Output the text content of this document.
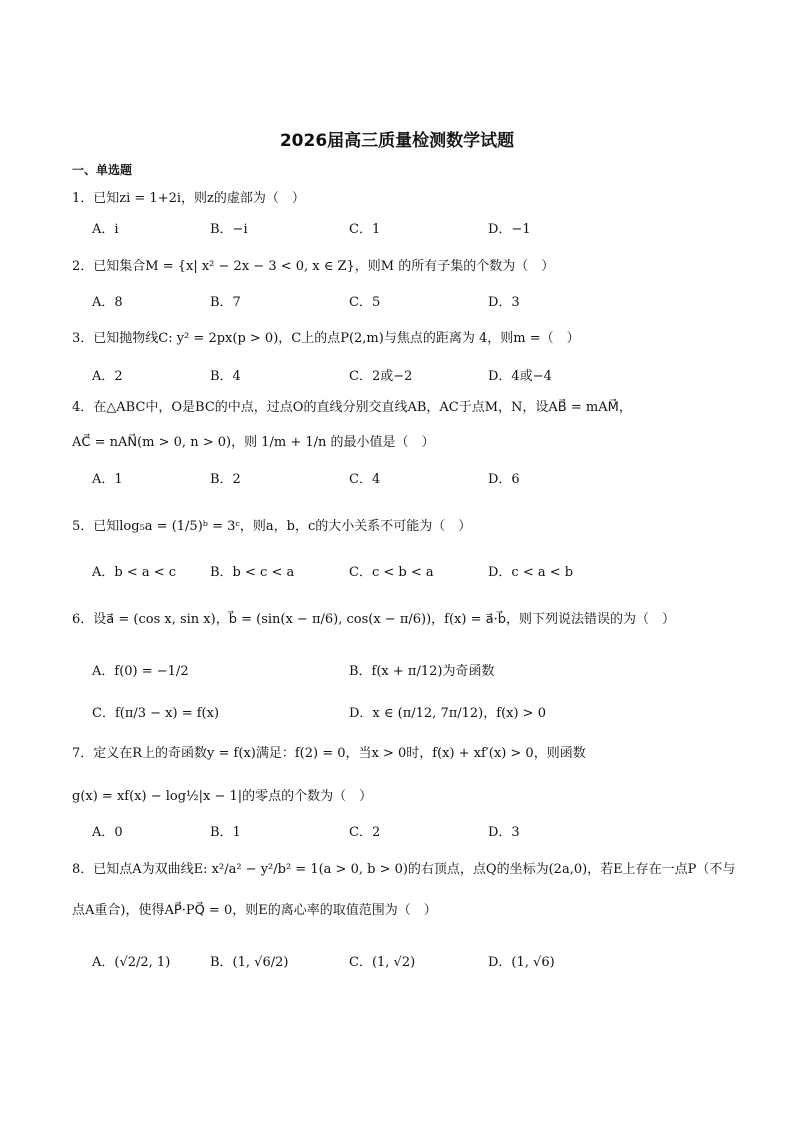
2026届高三质量检测数学试题
一、单选题
1．已知zi = 1+2i，则z的虚部为（　）
A．i	B．−i	C．1	D．−1
2．已知集合M = {x| x² − 2x − 3 < 0, x ∈ Z}，则M 的所有子集的个数为（　）
A．8	B．7	C．5	D．3
3．已知抛物线C: y² = 2px(p > 0)，C上的点P(2,m)与焦点的距离为 4，则m =（　）
A．2	B．4	C．2或−2	D．4或−4
4．在△ABC中，O是BC的中点，过点O的直线分别交直线AB，AC于点M，N，设AB⃗ = mAM⃗，
AC⃗ = nAN⃗(m > 0, n > 0)，则 1/m + 1/n 的最小值是（　）
A．1	B．2	C．4	D．6
5．已知log₅a = (1/5)ᵇ = 3ᶜ，则a，b，c的大小关系不可能为（　）
A．b < a < c	B．b < c < a	C．c < b < a	D．c < a < b
6．设a⃗ = (cos x, sin x)，b⃗ = (sin(x − π/6), cos(x − π/6))，f(x) = a⃗·b⃗，则下列说法错误的为（　）
A．f(0) = −1/2	B．f(x + π/12)为奇函数
C．f(π/3 − x) = f(x)	D．x ∈ (π/12, 7π/12)，f(x) > 0
7．定义在R上的奇函数y = f(x)满足：f(2) = 0，当x > 0时，f(x) + xf′(x) > 0，则函数
g(x) = xf(x) − log½|x − 1|的零点的个数为（　）
A．0	B．1	C．2	D．3
8．已知点A为双曲线E: x²/a² − y²/b² = 1(a > 0, b > 0)的右顶点，点Q的坐标为(2a,0)，若E上存在一点P（不与
点A重合)，使得AP⃗·PQ⃗ = 0，则E的离心率的取值范围为（　）
A．(√2/2, 1)	B．(1, √6/2)	C．(1, √2)	D．(1, √6)
